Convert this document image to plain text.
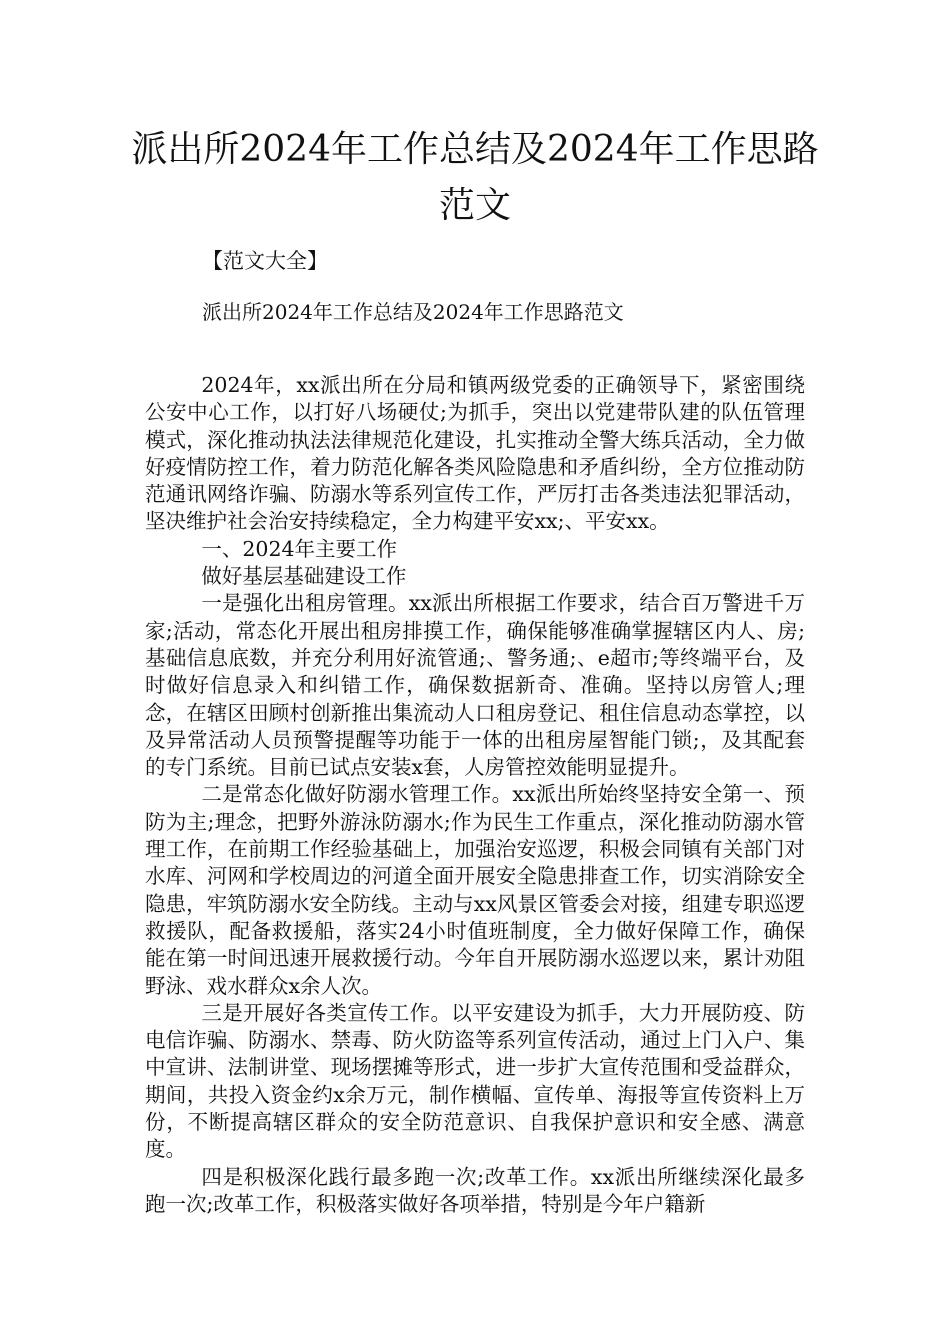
派出所2024年工作总结及2024年工作思路
范文
【范文大全】
派出所2024年工作总结及2024年工作思路范文

2024年，xx派出所在分局和镇两级党委的正确领导下，紧密围绕公安中心工作，以打好八场硬仗;为抓手，突出以党建带队建的队伍管理模式，深化推动执法法律规范化建设，扎实推动全警大练兵活动，全力做好疫情防控工作，着力防范化解各类风险隐患和矛盾纠纷，全方位推动防范通讯网络诈骗、防溺水等系列宣传工作，严厉打击各类违法犯罪活动，坚决维护社会治安持续稳定，全力构建平安xx;、平安xx。

一、2024年主要工作

做好基层基础建设工作

一是强化出租房管理。xx派出所根据工作要求，结合百万警进千万家;活动，常态化开展出租房排摸工作，确保能够准确掌握辖区内人、房;基础信息底数，并充分利用好流管通;、警务通;、e超市;等终端平台，及时做好信息录入和纠错工作，确保数据新奇、准确。坚持以房管人;理念，在辖区田顾村创新推出集流动人口租房登记、租住信息动态掌控，以及异常活动人员预警提醒等功能于一体的出租房屋智能门锁;，及其配套的专门系统。目前已试点安装x套，人房管控效能明显提升。

二是常态化做好防溺水管理工作。xx派出所始终坚持安全第一、预防为主;理念，把野外游泳防溺水;作为民生工作重点，深化推动防溺水管理工作，在前期工作经验基础上，加强治安巡逻，积极会同镇有关部门对水库、河网和学校周边的河道全面开展安全隐患排查工作，切实消除安全隐患，牢筑防溺水安全防线。主动与xx风景区管委会对接，组建专职巡逻救援队，配备救援船，落实24小时值班制度，全力做好保障工作，确保能在第一时间迅速开展救援行动。今年自开展防溺水巡逻以来，累计劝阻野泳、戏水群众x余人次。

三是开展好各类宣传工作。以平安建设为抓手，大力开展防疫、防电信诈骗、防溺水、禁毒、防火防盗等系列宣传活动，通过上门入户、集中宣讲、法制讲堂、现场摆摊等形式，进一步扩大宣传范围和受益群众，期间，共投入资金约x余万元，制作横幅、宣传单、海报等宣传资料上万份，不断提高辖区群众的安全防范意识、自我保护意识和安全感、满意度。

四是积极深化践行最多跑一次;改革工作。xx派出所继续深化最多跑一次;改革工作，积极落实做好各项举措，特别是今年户籍新
